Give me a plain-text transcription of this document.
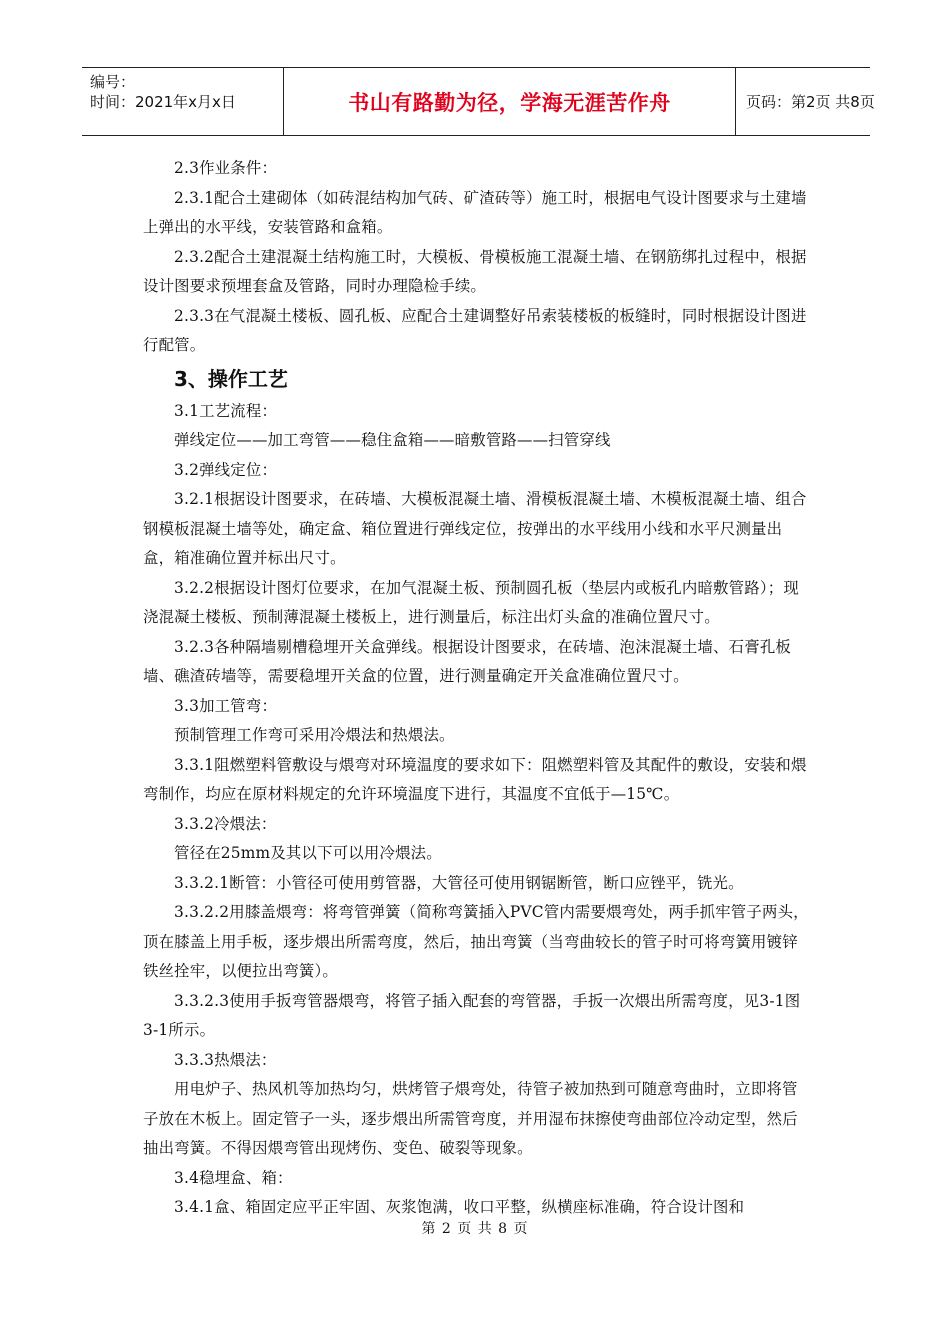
编号：
时间：2021年x月x日	书山有路勤为径，学海无涯苦作舟	页码：第2页 共8页

2.3作业条件：

2.3.1配合土建砌体（如砖混结构加气砖、矿渣砖等）施工时，根据电气设计图要求与土建墙上弹出的水平线，安装管路和盒箱。

2.3.2配合土建混凝土结构施工时，大模板、骨模板施工混凝土墙、在钢筋绑扎过程中，根据设计图要求预埋套盒及管路，同时办理隐检手续。

2.3.3在气混凝土楼板、圆孔板、应配合土建调整好吊索装楼板的板缝时，同时根据设计图进行配管。

3、操作工艺

3.1工艺流程：

弹线定位——加工弯管——稳住盒箱——暗敷管路——扫管穿线

3.2弹线定位：

3.2.1根据设计图要求，在砖墙、大模板混凝土墙、滑模板混凝土墙、木模板混凝土墙、组合钢模板混凝土墙等处，确定盒、箱位置进行弹线定位，按弹出的水平线用小线和水平尺测量出盒，箱准确位置并标出尺寸。

3.2.2根据设计图灯位要求，在加气混凝土板、预制圆孔板（垫层内或板孔内暗敷管路）；现浇混凝土楼板、预制薄混凝土楼板上，进行测量后，标注出灯头盒的准确位置尺寸。

3.2.3各种隔墙剔槽稳埋开关盒弹线。根据设计图要求，在砖墙、泡沫混凝土墙、石膏孔板墙、礁渣砖墙等，需要稳埋开关盒的位置，进行测量确定开关盒准确位置尺寸。

3.3加工管弯：

预制管理工作弯可采用冷煨法和热煨法。

3.3.1阻燃塑料管敷设与煨弯对环境温度的要求如下：阻燃塑料管及其配件的敷设，安装和煨弯制作，均应在原材料规定的允许环境温度下进行，其温度不宜低于—15℃。

3.3.2冷煨法：

管径在25mm及其以下可以用冷煨法。

3.3.2.1断管：小管径可使用剪管器，大管径可使用钢锯断管，断口应锉平，铣光。

3.3.2.2用膝盖煨弯：将弯管弹簧（简称弯簧插入PVC管内需要煨弯处，两手抓牢管子两头，顶在膝盖上用手板，逐步煨出所需弯度，然后，抽出弯簧（当弯曲较长的管子时可将弯簧用镀锌铁丝拴牢，以便拉出弯簧）。

3.3.2.3使用手扳弯管器煨弯，将管子插入配套的弯管器，手扳一次煨出所需弯度，见3-1图3-1所示。

3.3.3热煨法：

用电炉子、热风机等加热均匀，烘烤管子煨弯处，待管子被加热到可随意弯曲时，立即将管子放在木板上。固定管子一头，逐步煨出所需管弯度，并用湿布抹擦使弯曲部位冷动定型，然后抽出弯簧。不得因煨弯管出现烤伤、变色、破裂等现象。

3.4稳埋盒、箱：

3.4.1盒、箱固定应平正牢固、灰浆饱满，收口平整，纵横座标准确，符合设计图和

第 2 页 共 8 页
